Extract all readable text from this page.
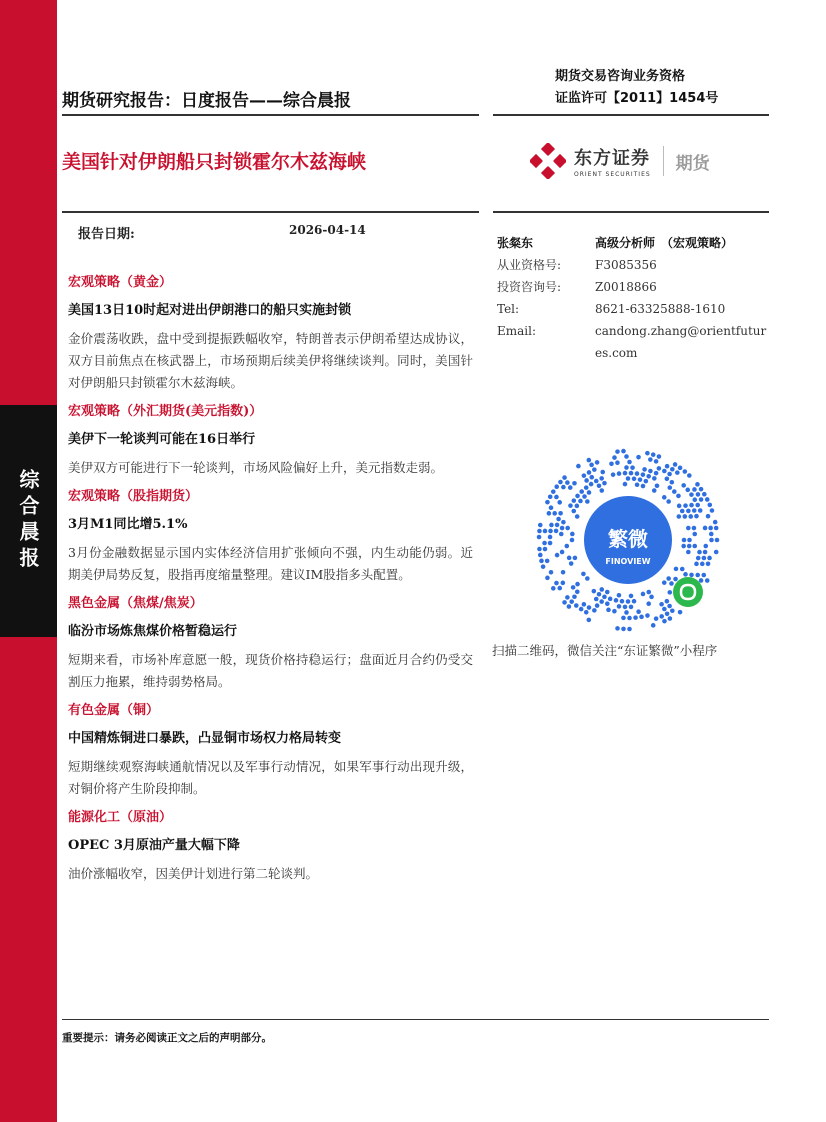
综合晨报
期货研究报告：日度报告——综合晨报
期货交易咨询业务资格
证监许可【2011】1454号
美国针对伊朗船只封锁霍尔木兹海峡	东方证券
ORIENT SECURITIES
期货
报告日期:	2026-04-14
宏观策略（黄金）
美国13日10时起对进出伊朗港口的船只实施封锁
金价震荡收跌，盘中受到提振跌幅收窄，特朗普表示伊朗希望达成协议，双方目前焦点在核武器上，市场预期后续美伊将继续谈判。同时，美国针对伊朗船只封锁霍尔木兹海峡。
宏观策略（外汇期货(美元指数)）
美伊下一轮谈判可能在16日举行
美伊双方可能进行下一轮谈判，市场风险偏好上升，美元指数走弱。
宏观策略（股指期货）
3月M1同比增5.1%
3月份金融数据显示国内实体经济信用扩张倾向不强，内生动能仍弱。近期美伊局势反复，股指再度缩量整理。建议IM股指多头配置。
黑色金属（焦煤/焦炭）
临汾市场炼焦煤价格暂稳运行
短期来看，市场补库意愿一般，现货价格持稳运行；盘面近月合约仍受交割压力拖累，维持弱势格局。
有色金属（铜）
中国精炼铜进口暴跌，凸显铜市场权力格局转变
短期继续观察海峡通航情况以及军事行动情况，如果军事行动出现升级，对铜价将产生阶段抑制。
能源化工（原油）
OPEC 3月原油产量大幅下降
油价涨幅收窄，因美伊计划进行第二轮谈判。
张粲东	高级分析师　（宏观策略）
从业资格号:	F3085356
投资咨询号:	Z0018866
Tel:	8621-63325888-1610
Email:	candong.zhang@orientfutures.com
繁微
FINOVIEW
扫描二维码，微信关注“东证繁微”小程序
重要提示：请务必阅读正文之后的声明部分。
